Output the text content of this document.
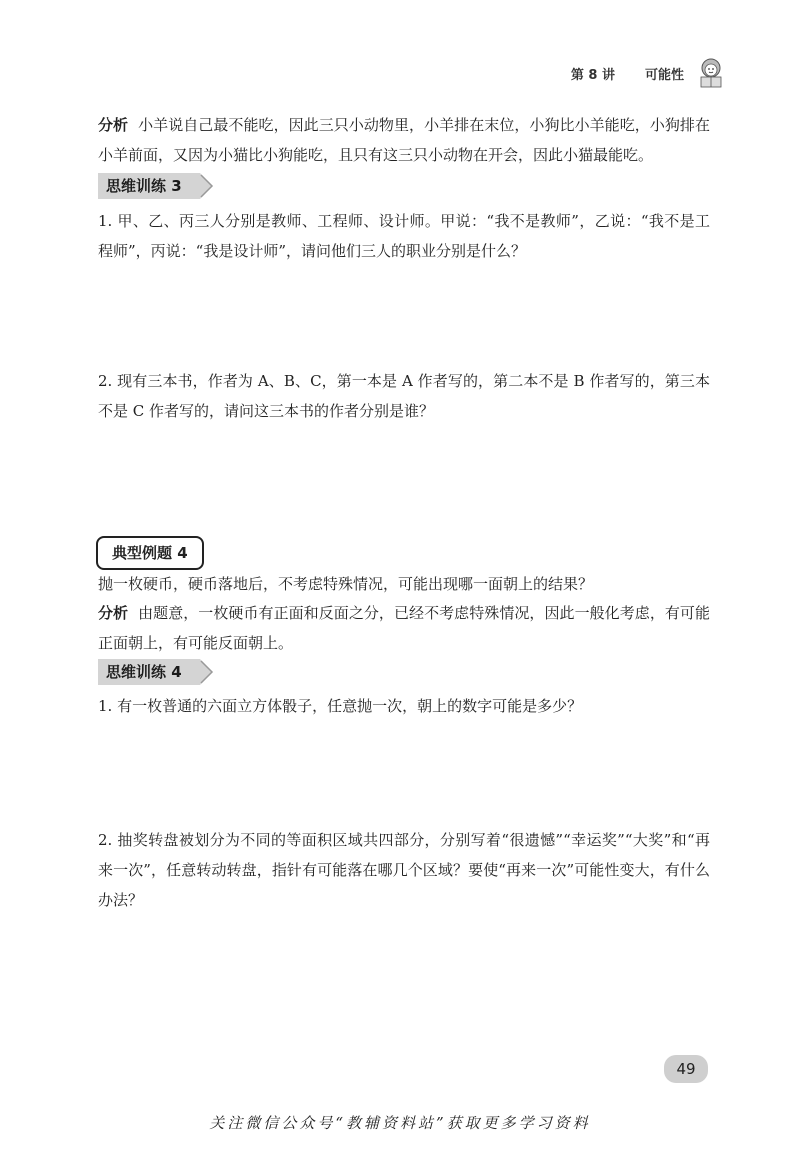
第 8 讲 可能性
分析 小羊说自己最不能吃，因此三只小动物里，小羊排在末位，小狗比小羊能吃，小狗排在小羊前面，又因为小猫比小狗能吃，且只有这三只小动物在开会，因此小猫最能吃。
思维训练 3
1. 甲、乙、丙三人分别是教师、工程师、设计师。甲说：“我不是教师”，乙说：“我不是工程师”，丙说：“我是设计师”，请问他们三人的职业分别是什么？
2. 现有三本书，作者为 A、B、C，第一本是 A 作者写的，第二本不是 B 作者写的，第三本不是 C 作者写的，请问这三本书的作者分别是谁？
典型例题 4
抛一枚硬币，硬币落地后，不考虑特殊情况，可能出现哪一面朝上的结果？
分析 由题意，一枚硬币有正面和反面之分，已经不考虑特殊情况，因此一般化考虑，有可能正面朝上，有可能反面朝上。
思维训练 4
1. 有一枚普通的六面立方体骰子，任意抛一次，朝上的数字可能是多少？
2. 抽奖转盘被划分为不同的等面积区域共四部分，分别写着“很遗憾”“幸运奖”“大奖”和“再来一次”，任意转动转盘，指针有可能落在哪几个区域？要使“再来一次”可能性变大，有什么办法？
49
关注微信公众号“教辅资料站”获取更多学习资料
